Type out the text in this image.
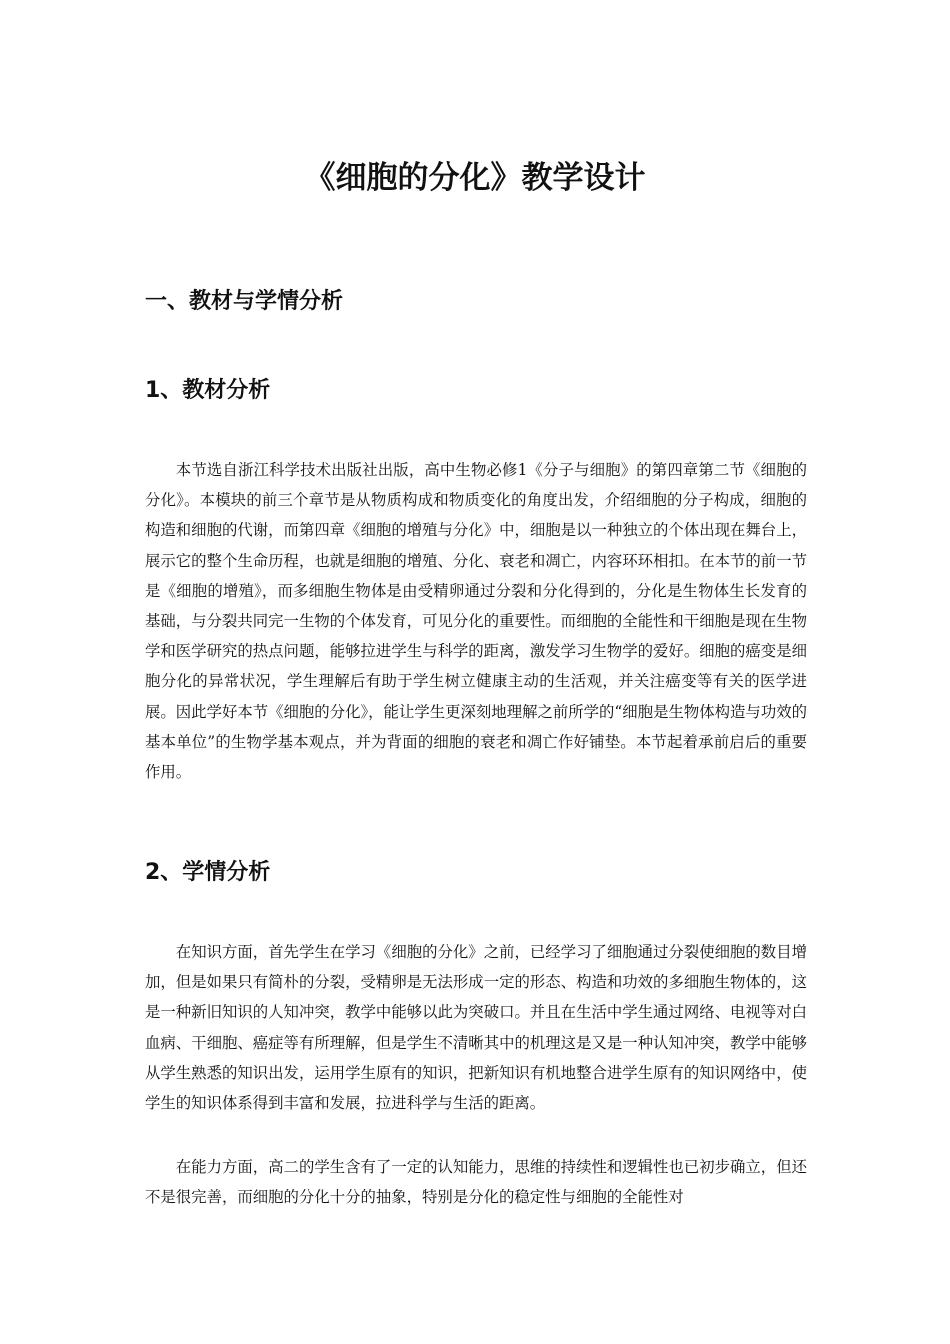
《细胞的分化》教学设计
一、教材与学情分析
1、教材分析

本节选自浙江科学技术出版社出版，高中生物必修1《分子与细胞》的第四章第二节《细胞的分化》。本模块的前三个章节是从物质构成和物质变化的角度出发，介绍细胞的分子构成，细胞的构造和细胞的代谢，而第四章《细胞的增殖与分化》中，细胞是以一种独立的个体出现在舞台上，展示它的整个生命历程，也就是细胞的增殖、分化、衰老和凋亡，内容环环相扣。在本节的前一节是《细胞的增殖》，而多细胞生物体是由受精卵通过分裂和分化得到的，分化是生物体生长发育的基础，与分裂共同完一生物的个体发育，可见分化的重要性。而细胞的全能性和干细胞是现在生物学和医学研究的热点问题，能够拉进学生与科学的距离，激发学习生物学的爱好。细胞的癌变是细胞分化的异常状况，学生理解后有助于学生树立健康主动的生活观，并关注癌变等有关的医学进展。因此学好本节《细胞的分化》，能让学生更深刻地理解之前所学的“细胞是生物体构造与功效的基本单位”的生物学基本观点，并为背面的细胞的衰老和凋亡作好铺垫。本节起着承前启后的重要作用。

2、学情分析

在知识方面，首先学生在学习《细胞的分化》之前，已经学习了细胞通过分裂使细胞的数目增加，但是如果只有简朴的分裂，受精卵是无法形成一定的形态、构造和功效的多细胞生物体的，这是一种新旧知识的人知冲突，教学中能够以此为突破口。并且在生活中学生通过网络、电视等对白血病、干细胞、癌症等有所理解，但是学生不清晰其中的机理这是又是一种认知冲突，教学中能够从学生熟悉的知识出发，运用学生原有的知识，把新知识有机地整合进学生原有的知识网络中，使学生的知识体系得到丰富和发展，拉进科学与生活的距离。

在能力方面，高二的学生含有了一定的认知能力，思维的持续性和逻辑性也已初步确立，但还不是很完善，而细胞的分化十分的抽象，特别是分化的稳定性与细胞的全能性对
